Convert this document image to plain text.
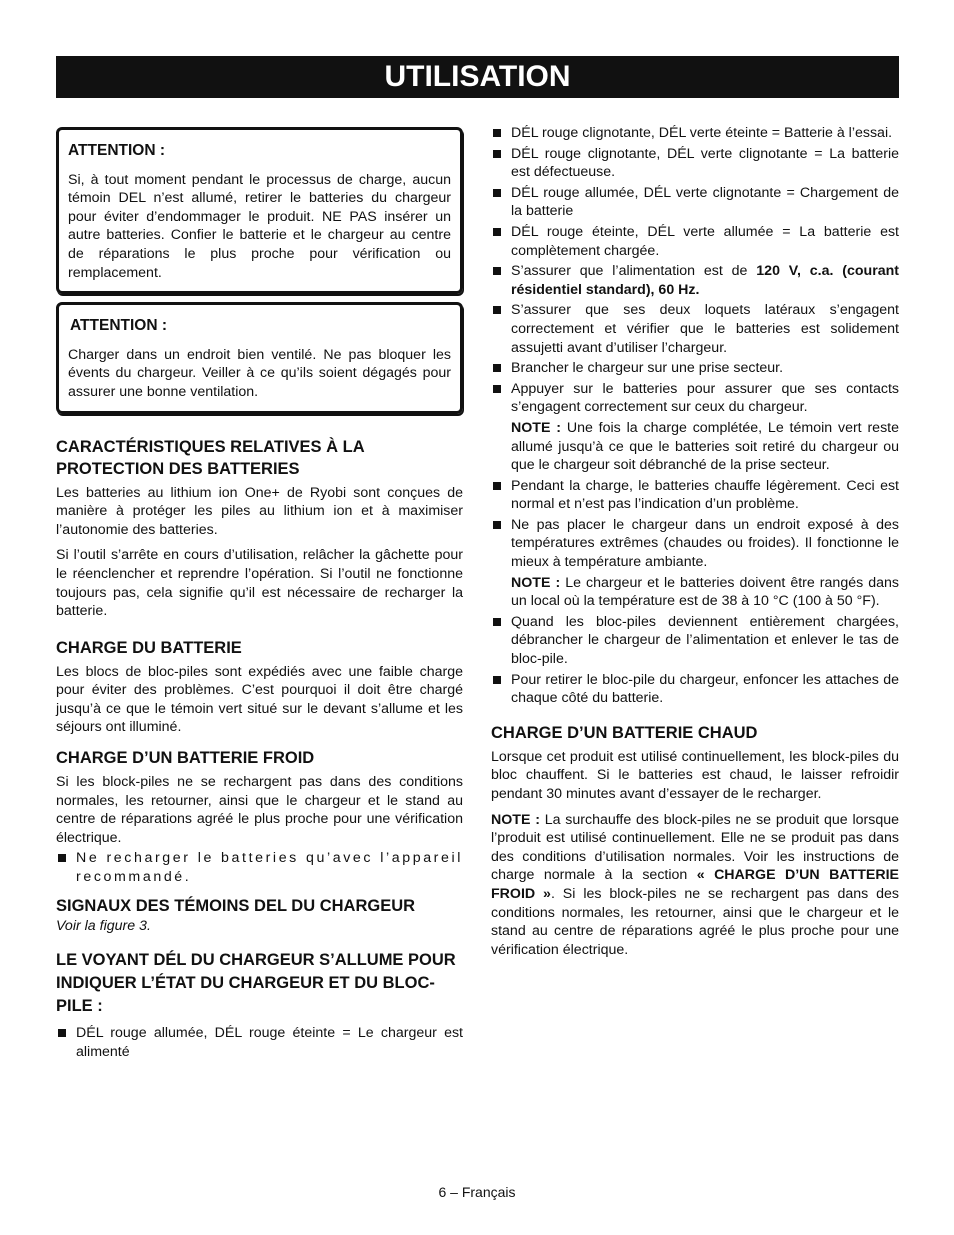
UTILISATION
ATTENTION :

Si, à tout moment pendant le processus de charge, aucun témoin DEL n’est allumé, retirer le batteries du chargeur pour éviter d’endommager le produit. NE PAS insérer un autre batteries. Confier le batterie et le chargeur au centre de réparations le plus proche pour vérification ou remplacement.

ATTENTION :

Charger dans un endroit bien ventilé. Ne pas bloquer les évents du chargeur. Veiller à ce qu’ils soient dégagés pour assurer une bonne ventilation.

CARACTÉRISTIQUES RELATIVES À LA PROTECTION DES BATTERIES

Les batteries au lithium ion One+ de Ryobi sont conçues de manière à protéger les piles au lithium ion et à maximiser l’autonomie des batteries.

Si l’outil s’arrête en cours d’utilisation, relâcher la gâchette pour le réenclencher et reprendre l’opération. Si l’outil ne fonctionne toujours pas, cela signifie qu’il est nécessaire de recharger la batterie.

CHARGE DU BATTERIE

Les blocs de bloc-piles sont expédiés avec une faible charge pour éviter des problèmes. C’est pourquoi il doit être chargé jusqu’à ce que le témoin vert situé sur le devant s’allume et les séjours ont illuminé.

CHARGE D’UN BATTERIE FROID

Si les block-piles ne se rechargent pas dans des conditions normales, les retourner, ainsi que le chargeur et le stand au centre de réparations agréé le plus proche pour une vérification électrique.

Ne recharger le batteries qu’avec l’appareil recommandé.
SIGNAUX DES TÉMOINS DEL DU CHARGEUR

Voir la figure 3.

LE VOYANT DÉL DU CHARGEUR S’ALLUME POUR INDIQUER L’ÉTAT DU CHARGEUR ET DU BLOC-PILE :
DÉL rouge allumée, DÉL rouge éteinte = Le chargeur est alimenté
DÉL rouge clignotante, DÉL verte éteinte = Batterie à l’essai.
DÉL rouge clignotante, DÉL verte clignotante = La batterie est défectueuse.
DÉL rouge allumée, DÉL verte clignotante = Chargement de la batterie
DÉL rouge éteinte, DÉL verte allumée = La batterie est complètement chargée.
S’assurer que l’alimentation est de 120 V, c.a. (courant résidentiel standard), 60 Hz.
S’assurer que ses deux loquets latéraux s’engagent correctement et vérifier que le batteries est solidement assujetti avant d’utiliser l’chargeur.
Brancher le chargeur sur une prise secteur.
Appuyer sur le batteries pour assurer que ses contacts s’engagent correctement sur ceux du chargeur.
NOTE : Une fois la charge complétée, Le témoin vert reste allumé jusqu’à ce que le batteries soit retiré du chargeur ou que le chargeur soit débranché de la prise secteur.
Pendant la charge, le batteries chauffe légèrement. Ceci est normal et n’est pas l’indication d’un problème.
Ne pas placer le chargeur dans un endroit exposé à des températures extrêmes (chaudes ou froides). Il fonctionne le mieux à température ambiante.
NOTE : Le chargeur et le batteries doivent être rangés dans un local où la température est de 38 à 10 °C (100 à 50 °F).
Quand les bloc-piles deviennent entièrement chargées, débrancher le chargeur de l’alimentation et enlever le tas de bloc-pile.
Pour retirer le bloc-pile du chargeur, enfoncer les attaches de chaque côté du batterie.
CHARGE D’UN BATTERIE CHAUD

Lorsque cet produit est utilisé continuellement, les block-piles du bloc chauffent. Si le batteries est chaud, le laisser refroidir pendant 30 minutes avant d’essayer de le recharger.

NOTE : La surchauffe des block-piles ne se produit que lorsque l’produit est utilisé continuellement. Elle ne se produit pas dans des conditions d’utilisation normales. Voir les instructions de charge normale à la section « CHARGE D’UN BATTERIE FROID ». Si les block-piles ne se rechargent pas dans des conditions normales, les retourner, ainsi que le chargeur et le stand au centre de réparations agréé le plus proche pour une vérification électrique.

6 – Français
